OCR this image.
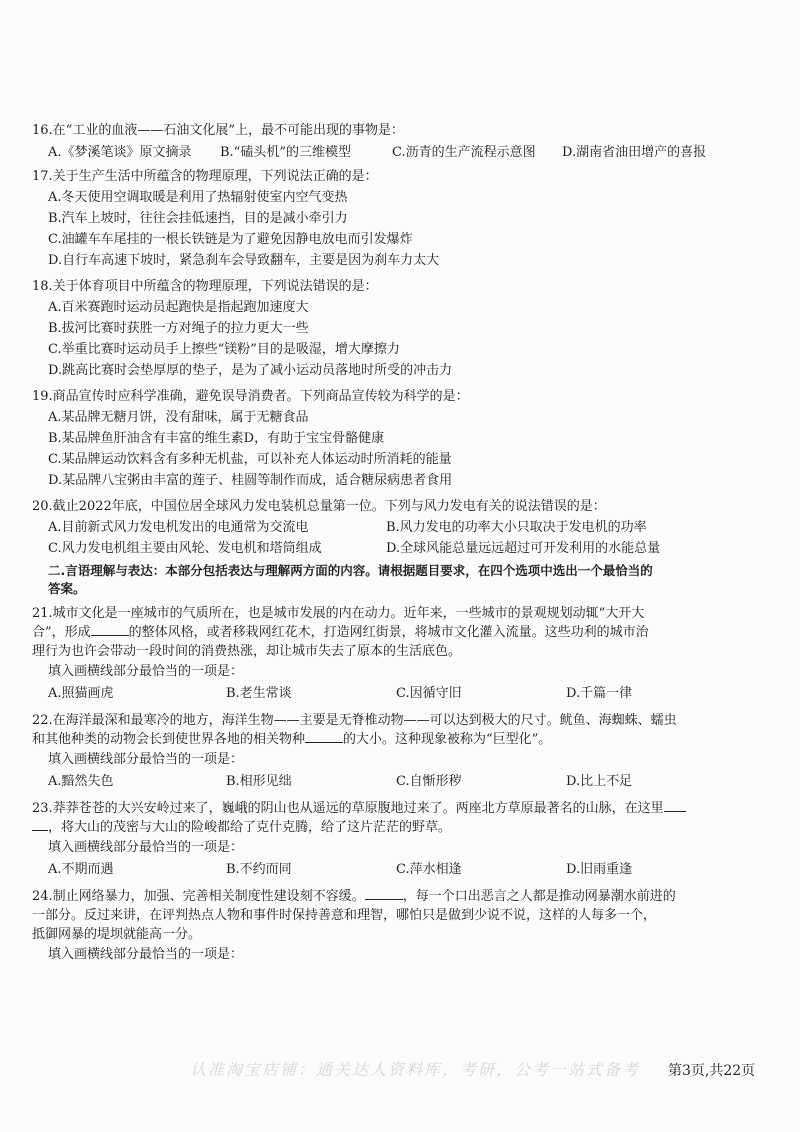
16.在“工业的血液——石油文化展”上，最不可能出现的事物是：
A.《梦溪笔谈》原文摘录	B.“磕头机”的三维模型	C.沥青的生产流程示意图	D.湖南省油田增产的喜报
17.关于生产生活中所蕴含的物理原理，下列说法正确的是：
A.冬天使用空调取暖是利用了热辐射使室内空气变热
B.汽车上坡时，往往会挂低速挡，目的是减小牵引力
C.油罐车车尾挂的一根长铁链是为了避免因静电放电而引发爆炸
D.自行车高速下坡时，紧急刹车会导致翻车，主要是因为刹车力太大
18.关于体育项目中所蕴含的物理原理，下列说法错误的是：
A.百米赛跑时运动员起跑快是指起跑加速度大
B.拔河比赛时获胜一方对绳子的拉力更大一些
C.举重比赛时运动员手上擦些“镁粉”目的是吸湿，增大摩擦力
D.跳高比赛时会垫厚厚的垫子，是为了减小运动员落地时所受的冲击力
19.商品宣传时应科学准确，避免误导消费者。下列商品宣传较为科学的是：
A.某品牌无糖月饼，没有甜味，属于无糖食品
B.某品牌鱼肝油含有丰富的维生素D，有助于宝宝骨骼健康
C.某品牌运动饮料含有多种无机盐，可以补充人体运动时所消耗的能量
D.某品牌八宝粥由丰富的莲子、桂圆等制作而成，适合糖尿病患者食用
20.截止2022年底，中国位居全球风力发电装机总量第一位。下列与风力发电有关的说法错误的是：
A.目前新式风力发电机发出的电通常为交流电	B.风力发电的功率大小只取决于发电机的功率
C.风力发电机组主要由风轮、发电机和塔筒组成	D.全球风能总量远远超过可开发利用的水能总量
二.言语理解与表达：本部分包括表达与理解两方面的内容。请根据题目要求，在四个选项中选出一个最恰当的
答案。
21.城市文化是一座城市的气质所在，也是城市发展的内在动力。近年来，一些城市的景观规划动辄“大开大
合”，形成	的整体风格，或者移栽网红花木，打造网红街景，将城市文化灌入流量。这些功利的城市治
理行为也许会带动一段时间的消费热涨，却让城市失去了原本的生活底色。
填入画横线部分最恰当的一项是：
A.照猫画虎	B.老生常谈	C.因循守旧	D.千篇一律
22.在海洋最深和最寒冷的地方，海洋生物——主要是无脊椎动物——可以达到极大的尺寸。鱿鱼、海蜘蛛、蠕虫
和其他种类的动物会长到使世界各地的相关物种	的大小。这种现象被称为“巨型化”。
填入画横线部分最恰当的一项是：
A.黯然失色	B.相形见绌	C.自惭形秽	D.比上不足
23.莽莽苍苍的大兴安岭过来了，巍峨的阴山也从遥远的草原腹地过来了。两座北方草原最著名的山脉，在这里
，将大山的茂密与大山的险峻都给了克什克腾，给了这片茫茫的野草。
填入画横线部分最恰当的一项是：
A.不期而遇	B.不约而同	C.萍水相逢	D.旧雨重逢
24.制止网络暴力，加强、完善相关制度性建设刻不容缓。	，每一个口出恶言之人都是推动网暴潮水前进的
一部分。反过来讲，在评判热点人物和事件时保持善意和理智，哪怕只是做到少说不说，这样的人每多一个，
抵御网暴的堤坝就能高一分。
填入画横线部分最恰当的一项是：
认准淘宝店铺：通关达人资料库，考研，公考一站式备考 第3页,共22页
